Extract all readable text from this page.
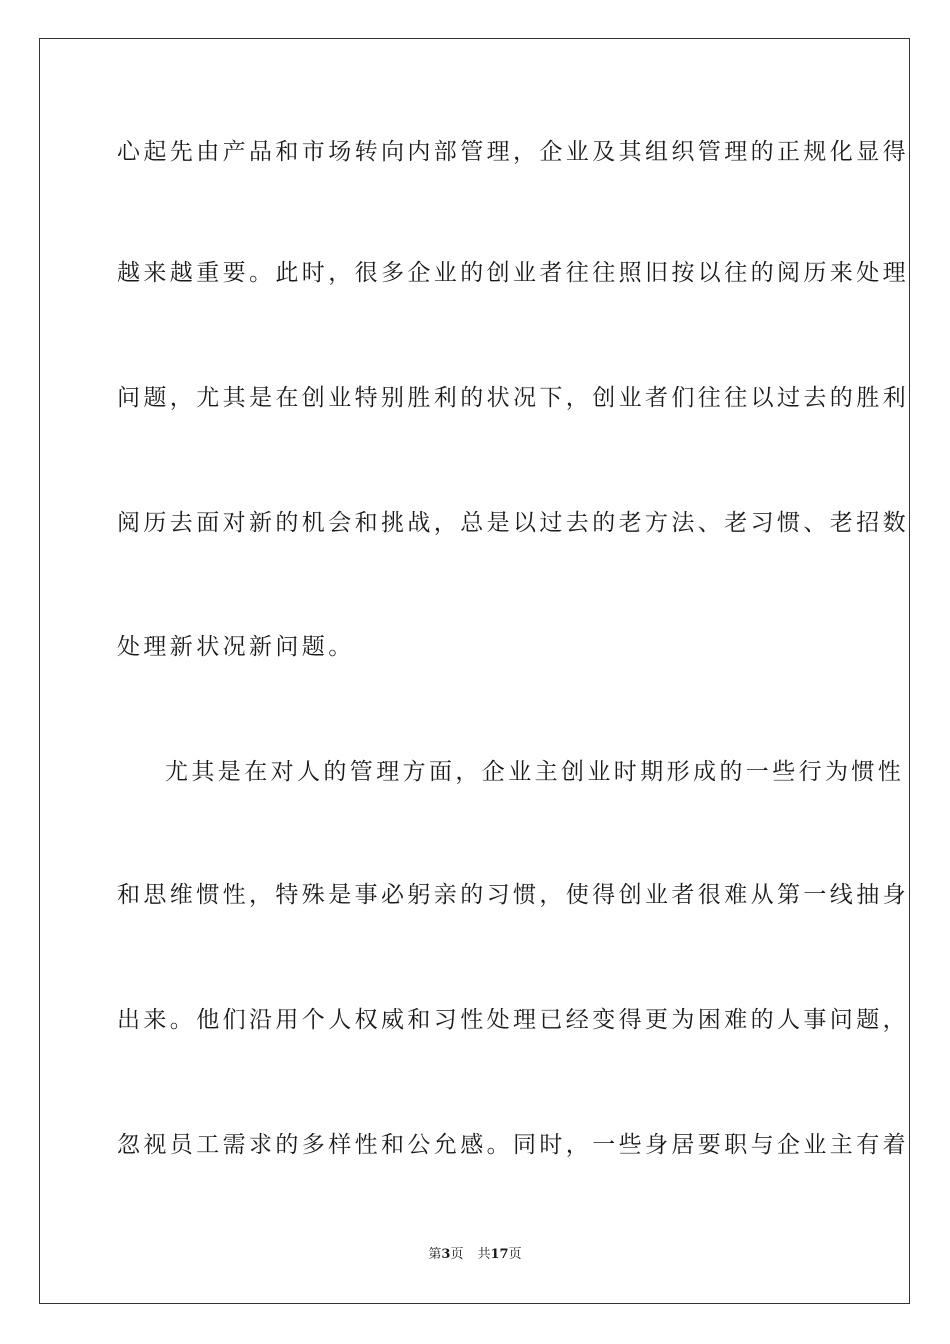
心起先由产品和市场转向内部管理，企业及其组织管理的正规化显得
越来越重要。此时，很多企业的创业者往往照旧按以往的阅历来处理
问题，尤其是在创业特别胜利的状况下，创业者们往往以过去的胜利
阅历去面对新的机会和挑战，总是以过去的老方法、老习惯、老招数
处理新状况新问题。
尤其是在对人的管理方面，企业主创业时期形成的一些行为惯性
和思维惯性，特殊是事必躬亲的习惯，使得创业者很难从第一线抽身
出来。他们沿用个人权威和习性处理已经变得更为困难的人事问题，
忽视员工需求的多样性和公允感。同时，一些身居要职与企业主有着
第3页 共17页
